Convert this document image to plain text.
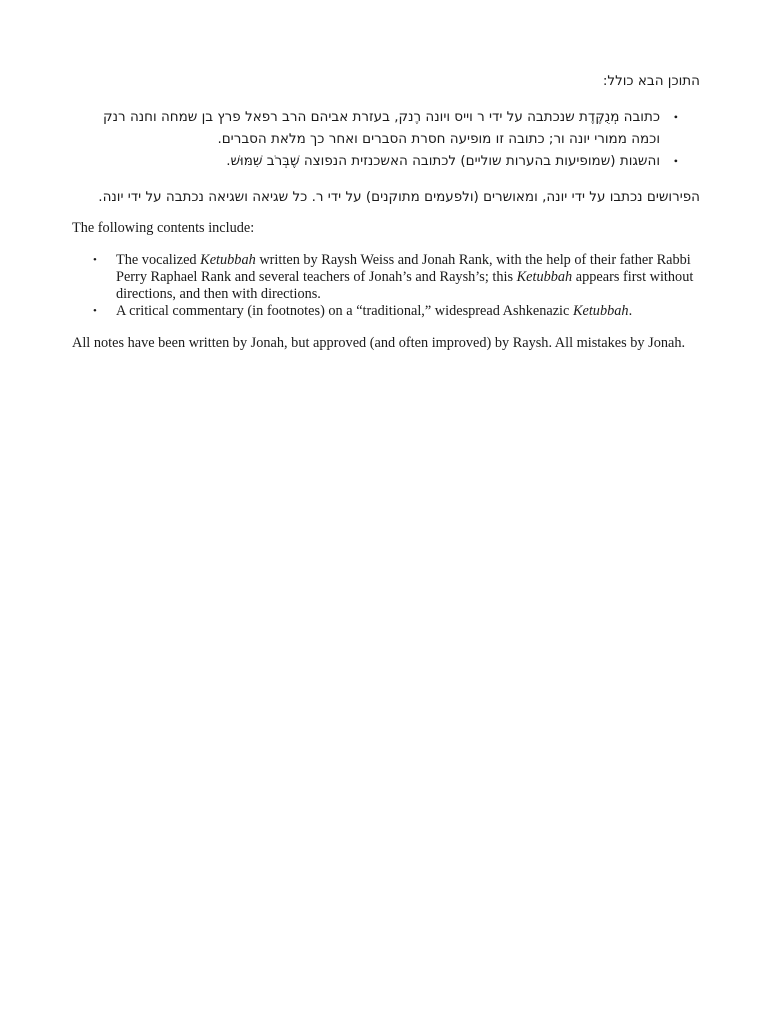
התוכן הבא כולל:

•
כתובה מְנֻקֶּדֶת שנכתבה על ידי ר וייס ויונה רֶנק, בעזרת אביהם הרב רפאל פרץ בן שמחה וחנה רנק וכמה ממורי יונה ור; כתובה זו מופיעה חסרת הסברים ואחר כך מלאת הסברים.
•
והשגות (שמופיעות בהערות שוליים) לכתובה האשכנזית הנפוצה שֶׁבְּרֹב שִׁמּוּשׁ.

הפירושים נכתבו על ידי יונה, ומאושרים (ולפעמים מתוקנים) על ידי ר. כל שגיאה ושגיאה נכתבה על ידי יונה.

The following contents include:

• The vocalized Ketubbah written by Raysh Weiss and Jonah Rank, with the help of their father Rabbi Perry Raphael Rank and several teachers of Jonah’s and Raysh’s; this Ketubbah appears first without directions, and then with directions.
• A critical commentary (in footnotes) on a “traditional,” widespread Ashkenazic Ketubbah.

All notes have been written by Jonah, but approved (and often improved) by Raysh. All mistakes by Jonah.
